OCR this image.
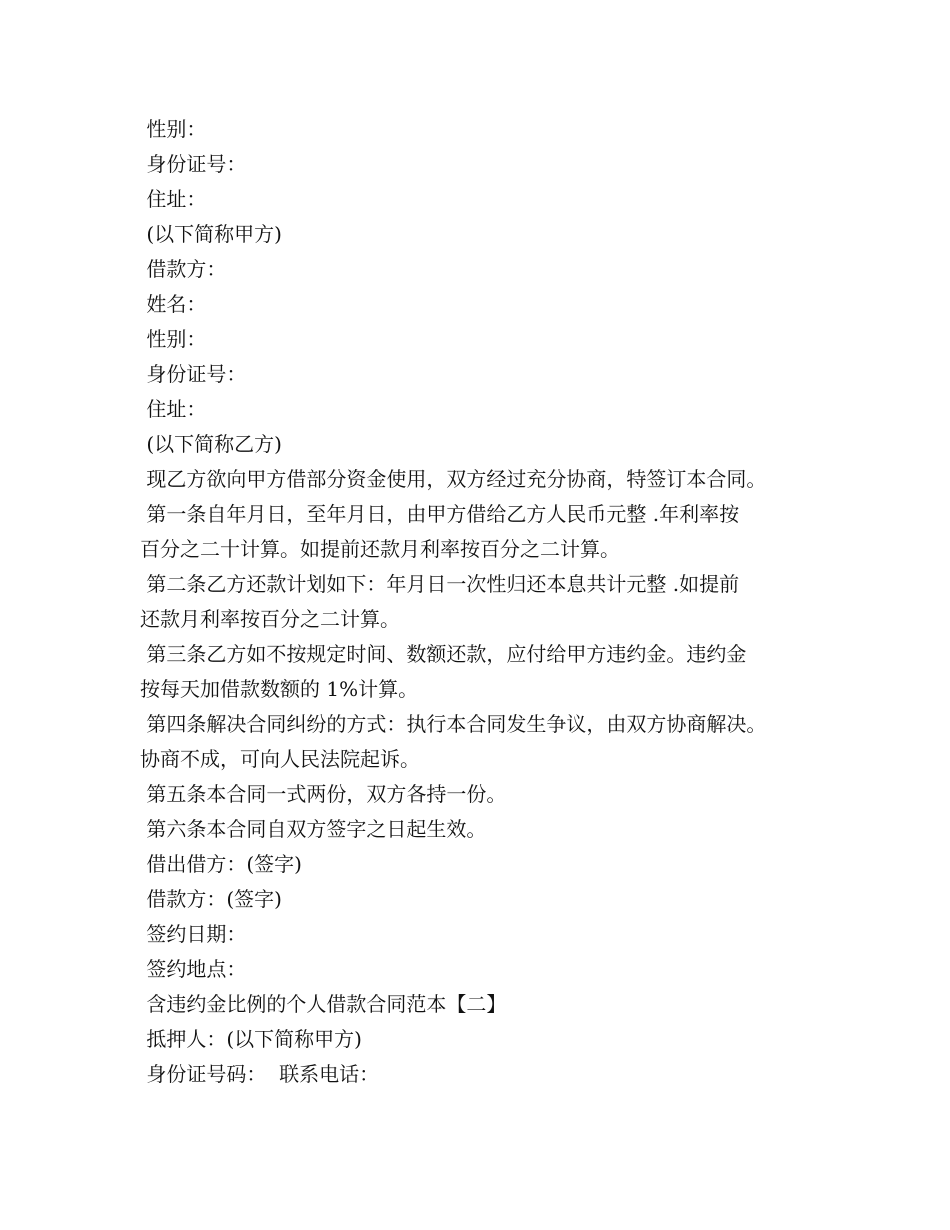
性别：
身份证号：
住址：
(以下简称甲方)
借款方：
姓名：
性别：
身份证号：
住址：
(以下简称乙方)
现乙方欲向甲方借部分资金使用，双方经过充分协商，特签订本合同。
第一条自年月日，至年月日，由甲方借给乙方人民币元整 .年利率按
百分之二十计算。如提前还款月利率按百分之二计算。
第二条乙方还款计划如下：年月日一次性归还本息共计元整 .如提前
还款月利率按百分之二计算。
第三条乙方如不按规定时间、数额还款，应付给甲方违约金。违约金
按每天加借款数额的 1%计算。
第四条解决合同纠纷的方式：执行本合同发生争议，由双方协商解决。
协商不成，可向人民法院起诉。
第五条本合同一式两份，双方各持一份。
第六条本合同自双方签字之日起生效。
借出借方：(签字)
借款方：(签字)
签约日期：
签约地点：
含违约金比例的个人借款合同范本【二】
抵押人：(以下简称甲方)
身份证号码：  联系电话：
